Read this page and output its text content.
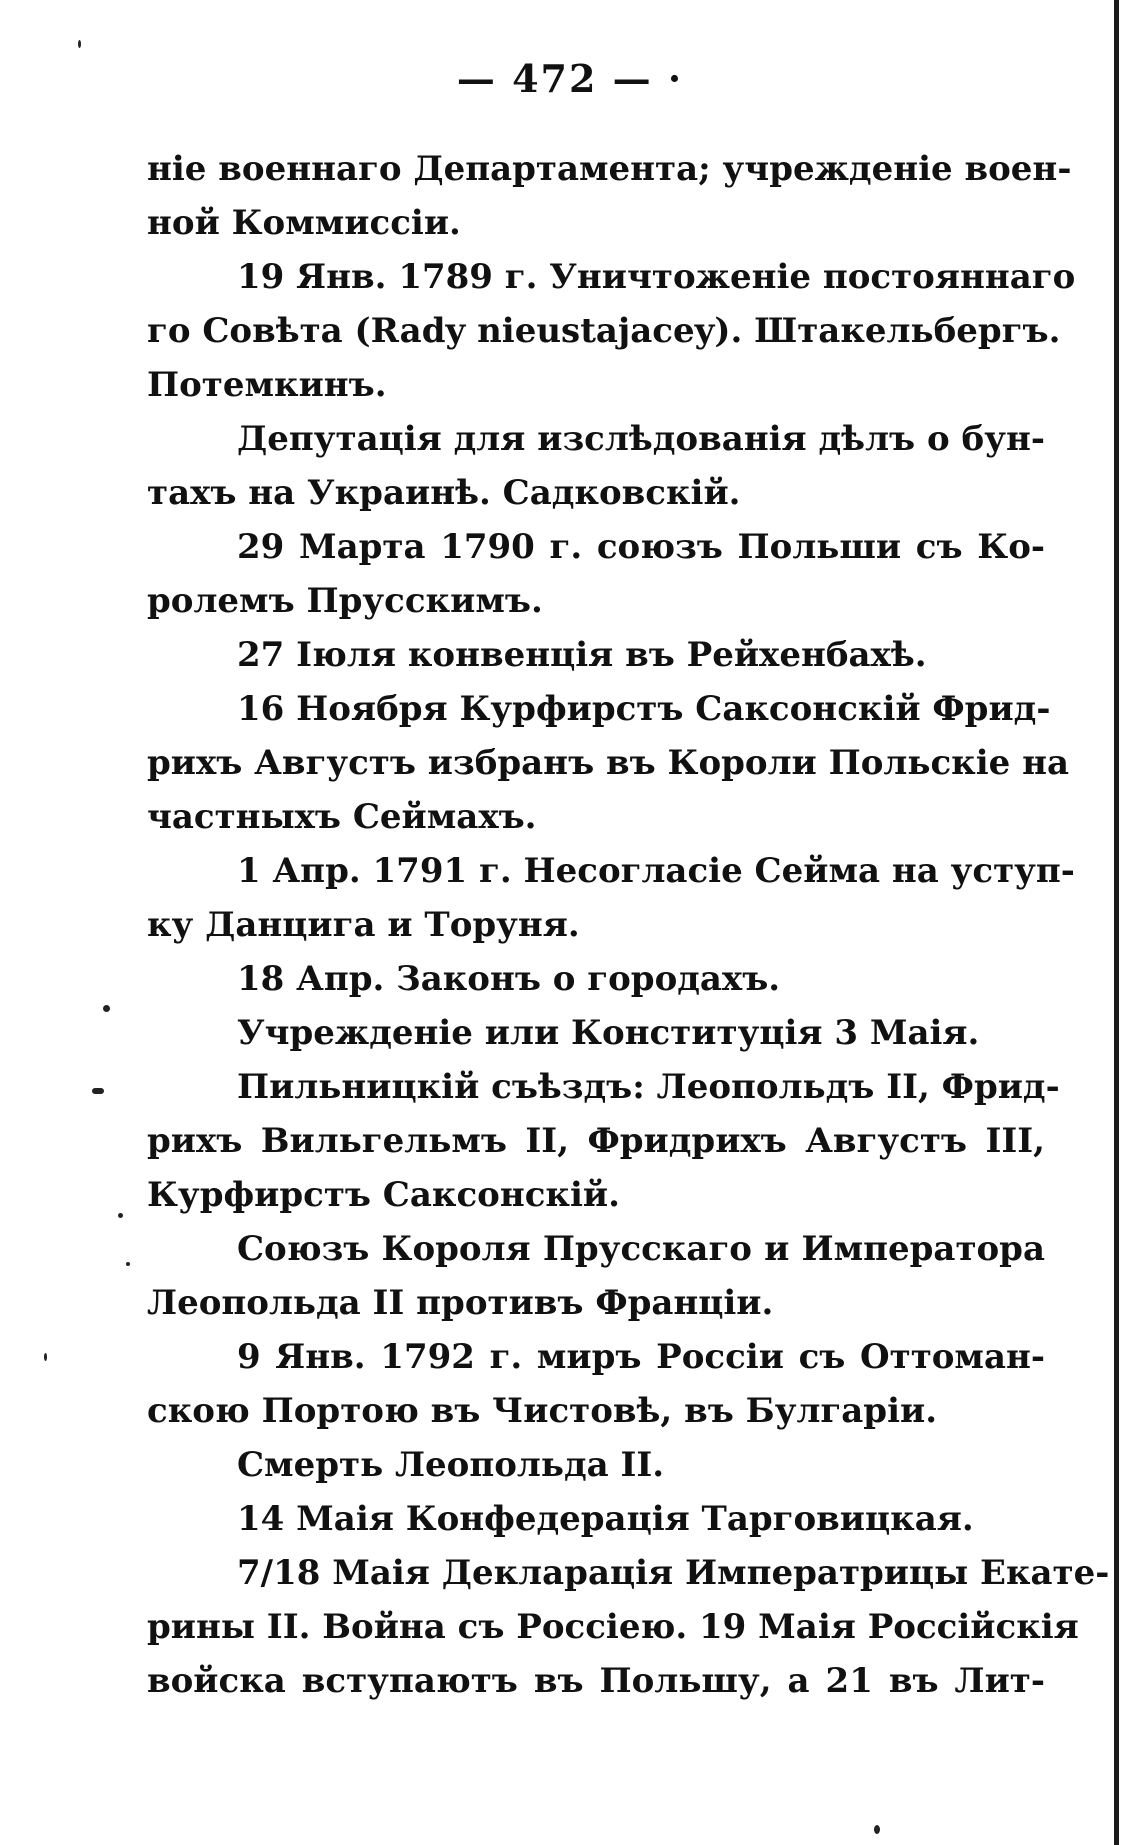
— 472 — ·
ніе военнаго Департамента; учрежденіе воен-
ной Коммиссіи.
19 Янв. 1789 г. Уничтоженіе постояннаго
го Совѣта (Rady nieustajacey). Штакельбергъ.
Потемкинъ.
Депутація для изслѣдованія дѣлъ о бун-
тахъ на Украинѣ. Садковскій.
29 Марта 1790 г. союзъ Польши съ Ко-
ролемъ Прусскимъ.
27 Іюля конвенція въ Рейхенбахѣ.
16 Ноября Курфирстъ Саксонскій Фрид-
рихъ Августъ избранъ въ Короли Польскіе на
частныхъ Сеймахъ.
1 Апр. 1791 г. Несогласіе Сейма на уступ-
ку Данцига и Торуня.
18 Апр. Законъ о городахъ.
Учрежденіе или Конституція 3 Маія.
Пильницкій съѣздъ: Леопольдъ II, Фрид-
рихъ Вильгельмъ II, Фридрихъ Августъ III,
Курфирстъ Саксонскій.
Союзъ Короля Прусскаго и Императора
Леопольда II противъ Франціи.
9 Янв. 1792 г. миръ Россіи съ Оттоман-
скою Портою въ Чистовѣ, въ Булгаріи.
Смерть Леопольда II.
14 Маія Конфедерація Тарговицкая.
7/18 Маія Декларація Императрицы Екате-
рины II. Война съ Россіею. 19 Маія Россійскія
войска вступаютъ въ Польшу, а 21 въ Лит-
